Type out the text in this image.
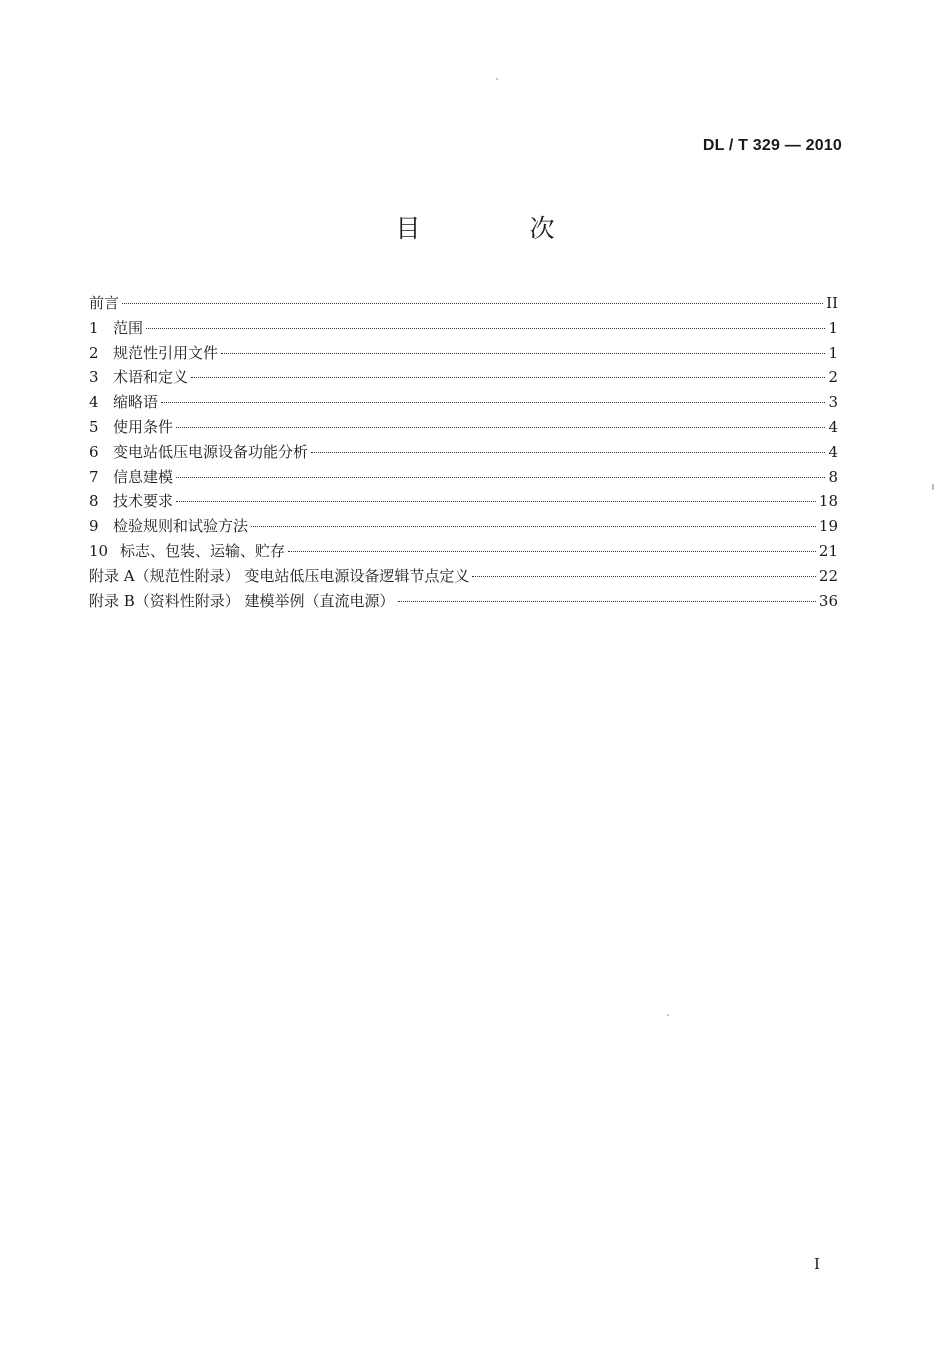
DL / T 329 — 2010
目　次
前言	II
1 范围	1
2 规范性引用文件	1
3 术语和定义	2
4 缩略语	3
5 使用条件	4
6 变电站低压电源设备功能分析	4
7 信息建模	8
8 技术要求	18
9 检验规则和试验方法	19
10 标志、包装、运输、贮存	21
附录 A（规范性附录） 变电站低压电源设备逻辑节点定义	22
附录 B（资料性附录） 建模举例（直流电源）	36
I
